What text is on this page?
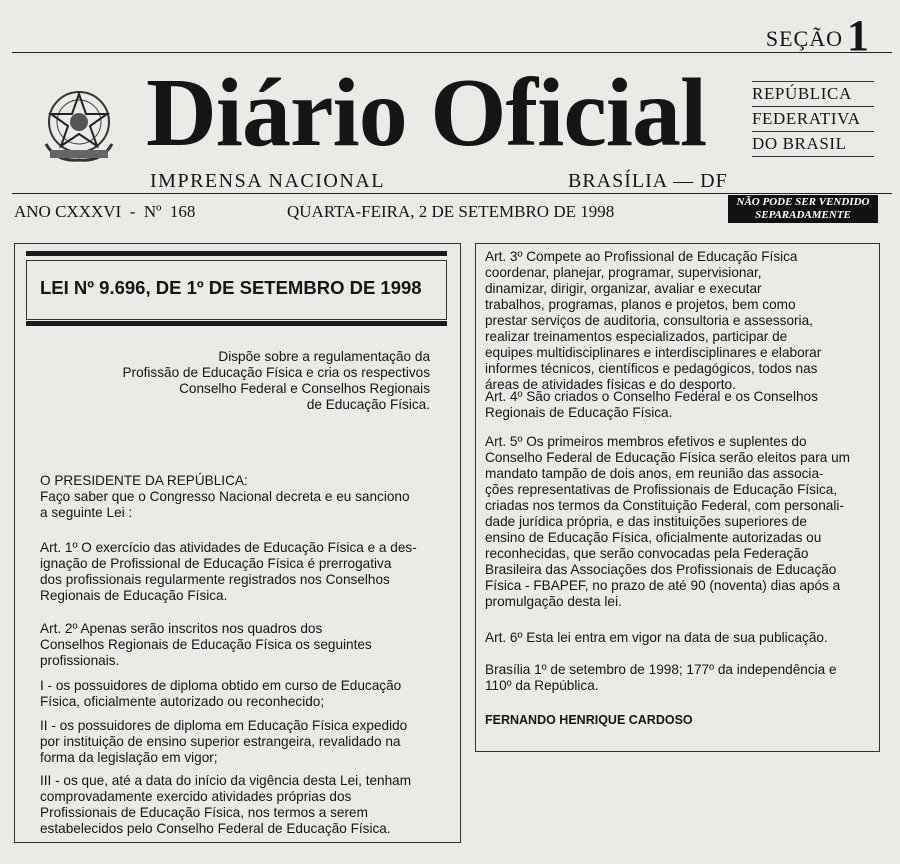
SEÇÃO1
Diário Oficial
IMPRENSA NACIONAL	BRASÍLIA — DF
REPÚBLICA
FEDERATIVA
DO BRASIL
ANO CXXXVI  -  Nº  168	QUARTA-FEIRA, 2 DE SETEMBRO DE 1998	NÃO PODE SER VENDIDO
SEPARADAMENTE
LEI Nº 9.696, DE 1º DE SETEMBRO DE 1998
Dispõe sobre a regulamentação da
Profissão de Educação Física e cria os respectivos
Conselho Federal e Conselhos Regionais
de Educação Física.
O PRESIDENTE DA REPÚBLICA:
Faço saber que o Congresso Nacional decreta e eu sanciono
a seguinte Lei :
Art. 1º O exercício das atividades de Educação Física e a des-
ignação de Profissional de Educação Física é prerrogativa
dos profissionais regularmente registrados nos Conselhos
Regionais de Educação Física.
Art. 2º Apenas serão inscritos nos quadros dos
Conselhos Regionais de Educação Física os seguintes
profissionais.
I - os possuidores de diploma obtido em curso de Educação
Física, oficialmente autorizado ou reconhecido;
II - os possuidores de diploma em Educação Física expedido
por instituição de ensino superior estrangeira, revalidado na
forma da legislação em vigor;
III - os que, até a data do início da vigência desta Lei, tenham
comprovadamente exercido atividades próprias dos
Profissionais de Educação Física, nos termos a serem
estabelecidos pelo Conselho Federal de Educação Física.
Art. 3º Compete ao Profissional de Educação Física
coordenar, planejar, programar, supervisionar,
dinamizar, dirigir, organizar, avaliar e executar
trabalhos, programas, planos e projetos, bem como
prestar serviços de auditoria, consultoria e assessoria,
realizar treinamentos especializados, participar de
equipes multidisciplinares e interdisciplinares e elaborar
informes técnicos, científicos e pedagógicos, todos nas
áreas de atividades físicas e do desporto.
Art. 4º São criados o Conselho Federal e os Conselhos
Regionais de Educação Física.
Art. 5º Os primeiros membros efetivos e suplentes do
Conselho Federal de Educação Física serão eleitos para um
mandato tampão de dois anos, em reunião das associa-
ções representativas de Profissionais de Educação Física,
criadas nos termos da Constituição Federal, com personali-
dade jurídica própria, e das instituições superiores de
ensino de Educação Física, oficialmente autorizadas ou
reconhecidas, que serão convocadas pela Federação
Brasileira das Associações dos Profissionais de Educação
Física - FBAPEF, no prazo de até 90 (noventa) dias após a
promulgação desta lei.
Art. 6º Esta lei entra em vigor na data de sua publicação.
Brasília 1º de setembro de 1998; 177º da independência e
110º da República.
FERNANDO HENRIQUE CARDOSO
